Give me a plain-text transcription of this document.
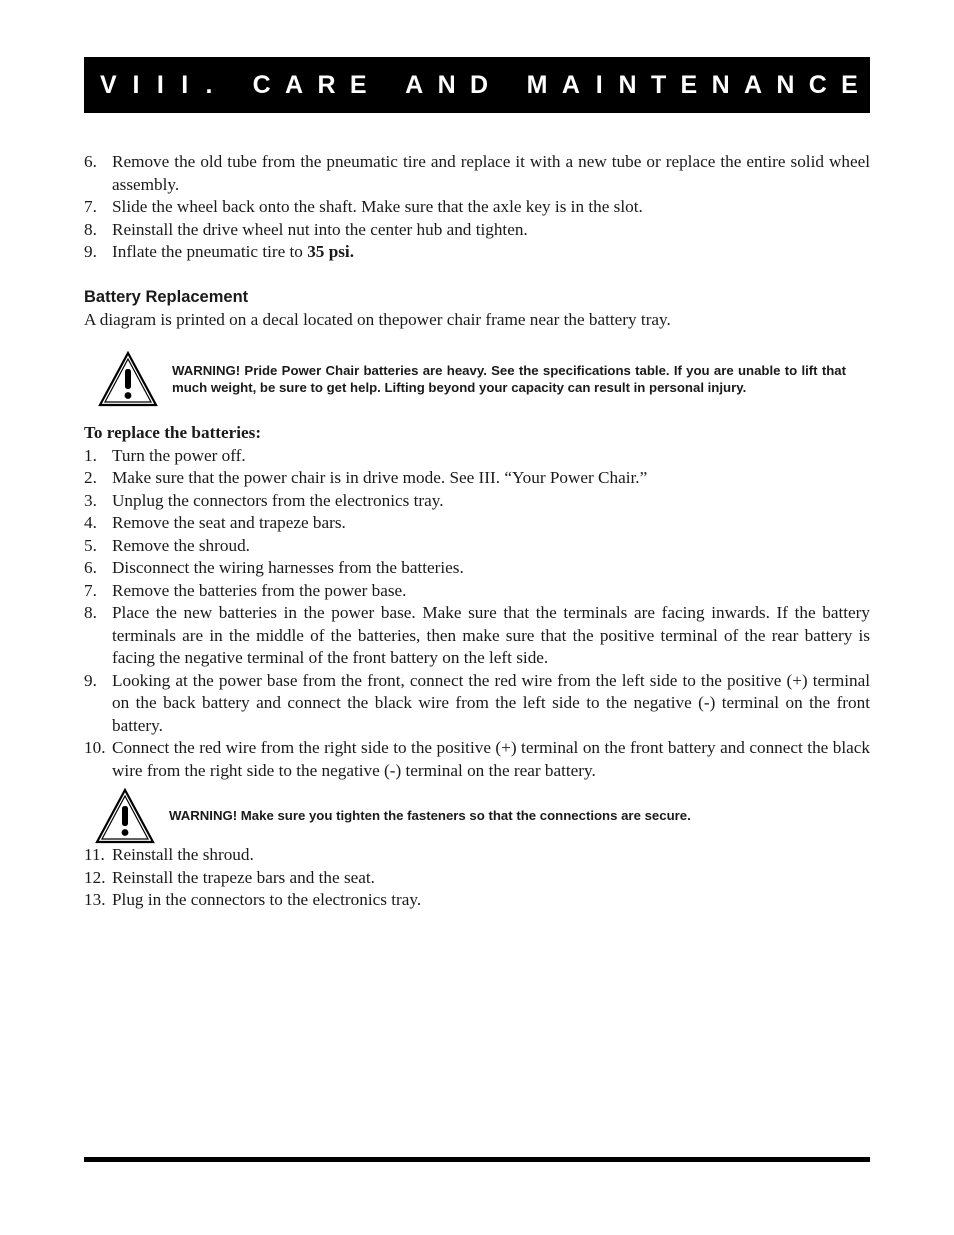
V I I I .
C A R E
A N D
M A I N T E N A N C E
6. Remove the old tube from the pneumatic tire and replace it with a new tube or replace the entire solid wheel assembly.
7. Slide the wheel back onto the shaft. Make sure that the axle key is in the slot.
8. Reinstall the drive wheel nut into the center hub and tighten.
9. Inflate the pneumatic tire to 35 psi.
Battery Replacement

A diagram is printed on a decal located on thepower chair frame near the battery tray.

WARNING! Pride Power Chair batteries are heavy. See the specifications table. If you are unable to lift that much weight, be sure to get help. Lifting beyond your capacity can result in personal injury.

To replace the batteries:

1. Turn the power off.
2. Make sure that the power chair is in drive mode. See III. “Your Power Chair.”
3. Unplug the connectors from the electronics tray.
4. Remove the seat and trapeze bars.
5. Remove the shroud.
6. Disconnect the wiring harnesses from the batteries.
7. Remove the batteries from the power base.
8. Place the new batteries in the power base. Make sure that the terminals are facing inwards. If the battery terminals are in the middle of the batteries, then make sure that the positive terminal of the rear battery is facing the negative terminal of the front battery on the left side.
9. Looking at the power base from the front, connect the red wire from the left side to the positive (+) terminal on the back battery and connect the black wire from the left side to the negative (-) terminal on the front battery.
10. Connect the red wire from the right side to the positive (+) terminal on the front battery and connect the black wire from the right side to the negative (-) terminal on the rear battery.
WARNING! Make sure you tighten the fasteners so that the connections are secure.
11. Reinstall the shroud.
12. Reinstall the trapeze bars and the seat.
13. Plug in the connectors to the electronics tray.
